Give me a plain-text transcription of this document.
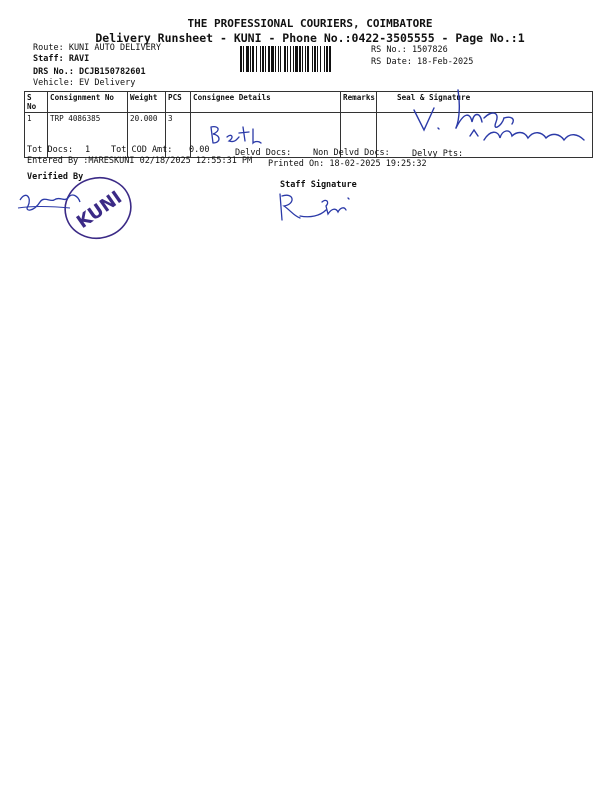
THE PROFESSIONAL COURIERS, COIMBATORE
Delivery Runsheet - KUNI - Phone No.:0422-3505555 - Page No.:1
Route: KUNI AUTO DELIVERY
Staff: RAVI
DRS No.: DCJB150782601
Vehicle: EV Delivery
RS No.: 1507826
RS Date: 18-Feb-2025
S No	Consignment No	Weight	PCS	Consignee Details	Remarks	Seal & Signature
1	TRP 4086385	20.000	3			
Tot Docs: 1 Tot COD Amt: 0.00	Delvd Docs:	Non Delvd Docs:	Delvy Pts:
Entered By :MARESKUNI 02/18/2025 12:55:31 PM Printed On: 18-02-2025 19:25:32
Verified By
Staff Signature
KUNI
